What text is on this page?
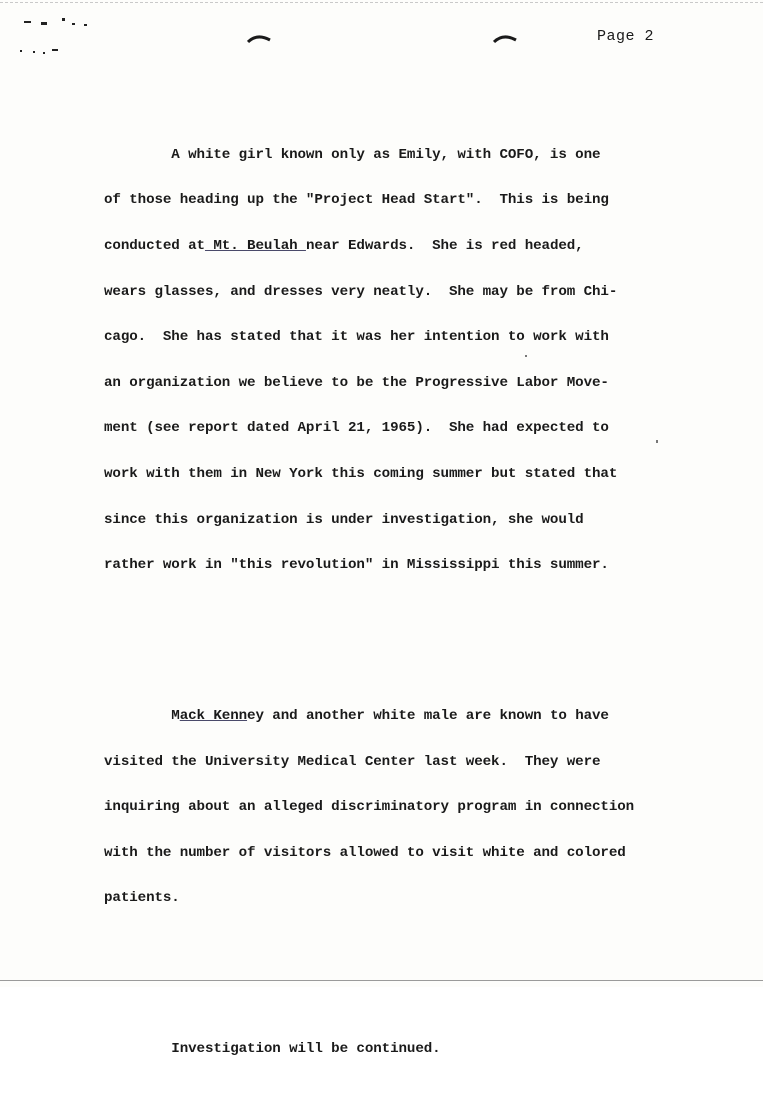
Page 2

A white girl known only as Emily, with COFO, is one

of those heading up the "Project Head Start".  This is being

conducted at Mt. Beulah near Edwards.  She is red headed,

wears glasses, and dresses very neatly.  She may be from Chi-

cago.  She has stated that it was her intention to work with

an organization we believe to be the Progressive Labor Move-

ment (see report dated April 21, 1965).  She had expected to

work with them in New York this coming summer but stated that

since this organization is under investigation, she would

rather work in "this revolution" in Mississippi this summer.

Mack Kenney and another white male are known to have

visited the University Medical Center last week.  They were

inquiring about an alleged discriminatory program in connection

with the number of visitors allowed to visit white and colored

patients.

Investigation will be continued.
